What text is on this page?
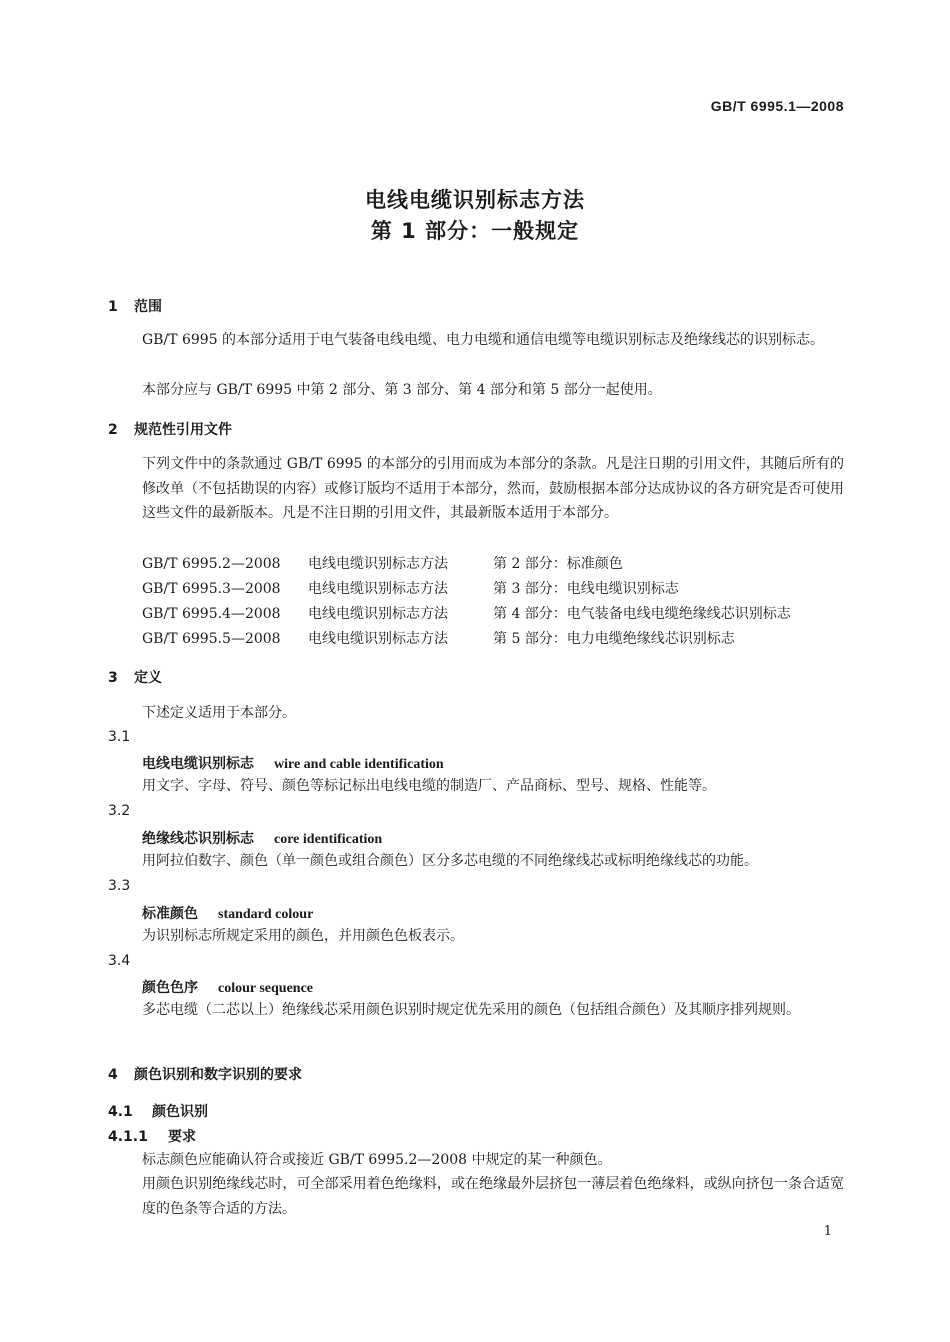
GB/T 6995.1—2008
电线电缆识别标志方法
第 1 部分：一般规定
1 范围
GB/T 6995 的本部分适用于电气装备电线电缆、电力电缆和通信电缆等电缆识别标志及绝缘线芯的识别标志。
本部分应与 GB/T 6995 中第 2 部分、第 3 部分、第 4 部分和第 5 部分一起使用。
2 规范性引用文件
下列文件中的条款通过 GB/T 6995 的本部分的引用而成为本部分的条款。凡是注日期的引用文件，其随后所有的修改单（不包括勘误的内容）或修订版均不适用于本部分，然而，鼓励根据本部分达成协议的各方研究是否可使用这些文件的最新版本。凡是不注日期的引用文件，其最新版本适用于本部分。
GB/T 6995.2—2008 电线电缆识别标志方法	第 2 部分：标准颜色
GB/T 6995.3—2008 电线电缆识别标志方法	第 3 部分：电线电缆识别标志
GB/T 6995.4—2008 电线电缆识别标志方法	第 4 部分：电气装备电线电缆绝缘线芯识别标志
GB/T 6995.5—2008 电线电缆识别标志方法	第 5 部分：电力电缆绝缘线芯识别标志
3 定义
下述定义适用于本部分。
3.1
电线电缆识别标志 wire and cable identification
用文字、字母、符号、颜色等标记标出电线电缆的制造厂、产品商标、型号、规格、性能等。
3.2
绝缘线芯识别标志 core identification
用阿拉伯数字、颜色（单一颜色或组合颜色）区分多芯电缆的不同绝缘线芯或标明绝缘线芯的功能。
3.3
标准颜色 standard colour
为识别标志所规定采用的颜色，并用颜色色板表示。
3.4
颜色色序 colour sequence
多芯电缆（二芯以上）绝缘线芯采用颜色识别时规定优先采用的颜色（包括组合颜色）及其顺序排列规则。
4 颜色识别和数字识别的要求
4.1 颜色识别
4.1.1 要求
标志颜色应能确认符合或接近 GB/T 6995.2—2008 中规定的某一种颜色。
用颜色识别绝缘线芯时，可全部采用着色绝缘料，或在绝缘最外层挤包一薄层着色绝缘料，或纵向挤包一条合适宽度的色条等合适的方法。
1
